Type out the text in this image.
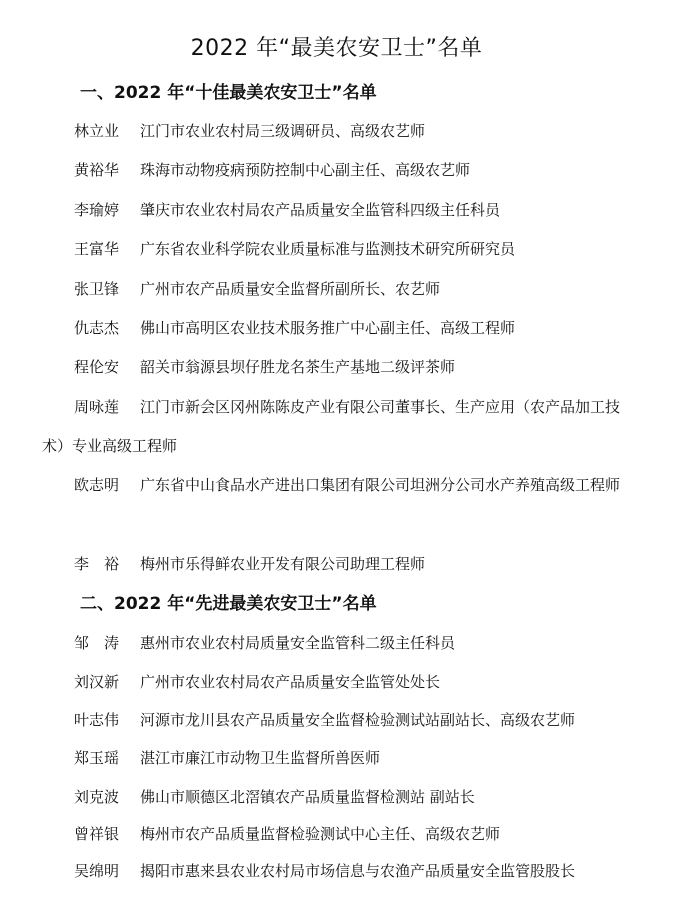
2022 年“最美农安卫士”名单
一、2022 年“十佳最美农安卫士”名单
林立业 江门市农业农村局三级调研员、高级农艺师
黄裕华 珠海市动物疫病预防控制中心副主任、高级农艺师
李瑜婷 肇庆市农业农村局农产品质量安全监管科四级主任科员
王富华 广东省农业科学院农业质量标准与监测技术研究所研究员
张卫锋 广州市农产品质量安全监督所副所长、农艺师
仇志杰 佛山市高明区农业技术服务推广中心副主任、高级工程师
程伦安 韶关市翁源县坝仔胜龙名茶生产基地二级评茶师
周咏莲 江门市新会区冈州陈陈皮产业有限公司董事长、生产应用（农产品加工技术）专业高级工程师
欧志明 广东省中山食品水产进出口集团有限公司坦洲分公司水产养殖高级工程师
李　裕 梅州市乐得鲜农业开发有限公司助理工程师
二、2022 年“先进最美农安卫士”名单
邹　涛 惠州市农业农村局质量安全监管科二级主任科员
刘汉新 广州市农业农村局农产品质量安全监管处处长
叶志伟 河源市龙川县农产品质量安全监督检验测试站副站长、高级农艺师
郑玉瑶 湛江市廉江市动物卫生监督所兽医师
刘克波 佛山市顺德区北滘镇农产品质量监督检测站 副站长
曾祥银 梅州市农产品质量监督检验测试中心主任、高级农艺师
吴绵明 揭阳市惠来县农业农村局市场信息与农渔产品质量安全监管股股长
